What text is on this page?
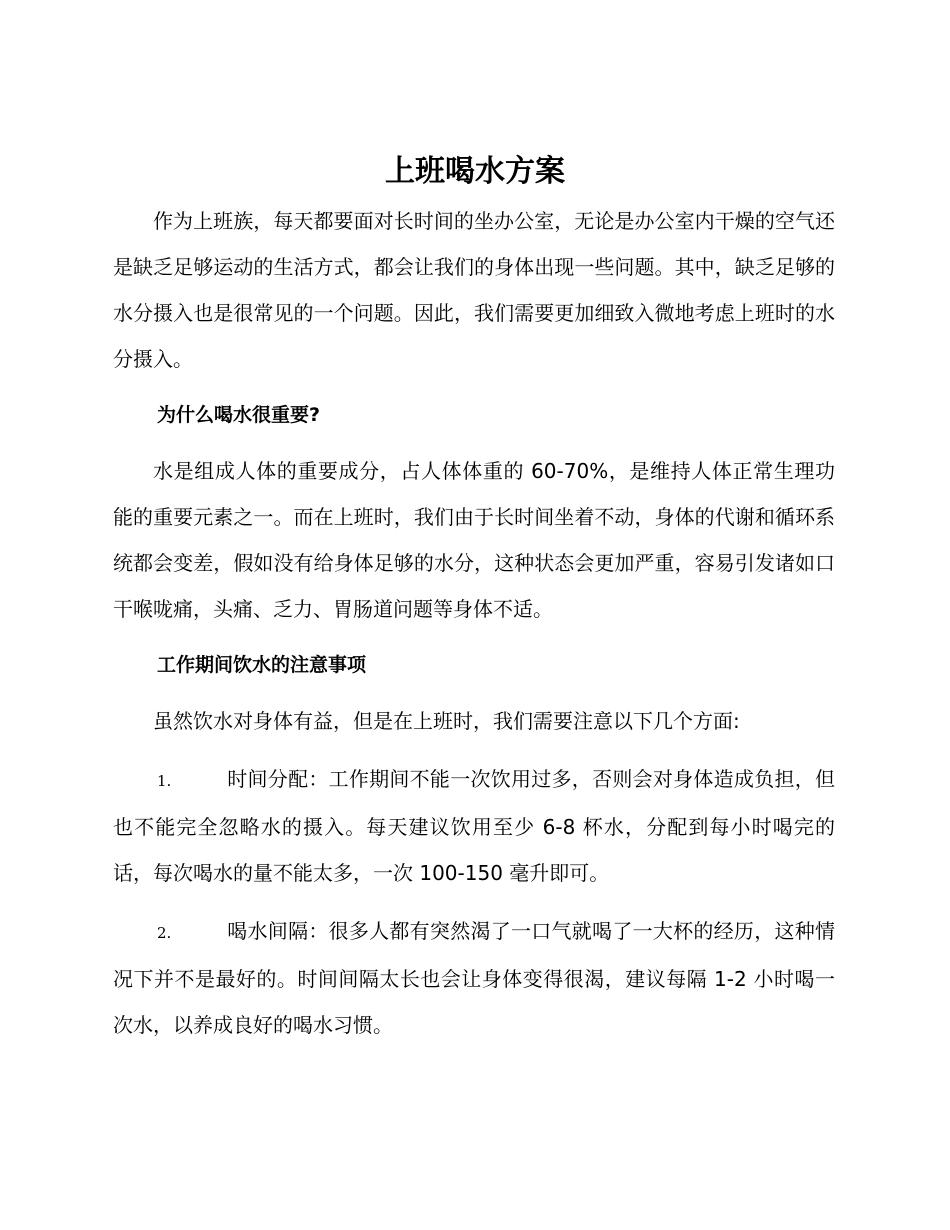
上班喝水方案

作为上班族，每天都要面对长时间的坐办公室，无论是办公室内干燥的空气还是缺乏足够运动的生活方式，都会让我们的身体出现一些问题。其中，缺乏足够的水分摄入也是很常见的一个问题。因此，我们需要更加细致入微地考虑上班时的水分摄入。

为什么喝水很重要?

水是组成人体的重要成分，占人体体重的 60-70%，是维持人体正常生理功能的重要元素之一。而在上班时，我们由于长时间坐着不动，身体的代谢和循环系统都会变差，假如没有给身体足够的水分，这种状态会更加严重，容易引发诸如口干喉咙痛，头痛、乏力、胃肠道问题等身体不适。

工作期间饮水的注意事项

虽然饮水对身体有益，但是在上班时，我们需要注意以下几个方面:

1.	时间分配：工作期间不能一次饮用过多，否则会对身体造成负担，但也不能完全忽略水的摄入。每天建议饮用至少 6-8 杯水，分配到每小时喝完的话，每次喝水的量不能太多，一次 100-150 毫升即可。

2.	喝水间隔：很多人都有突然渴了一口气就喝了一大杯的经历，这种情况下并不是最好的。时间间隔太长也会让身体变得很渴，建议每隔 1-2 小时喝一次水，以养成良好的喝水习惯。
